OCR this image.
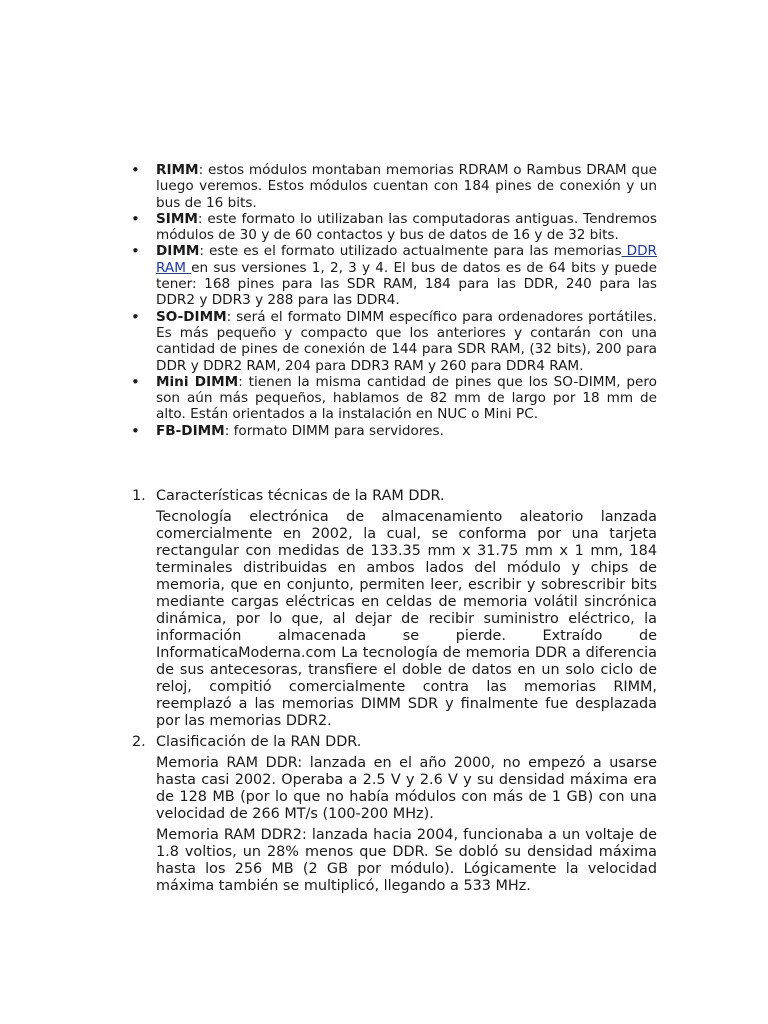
• RIMM: estos módulos montaban memorias RDRAM o Rambus DRAM que luego veremos. Estos módulos cuentan con 184 pines de conexión y un bus de 16 bits.
• SIMM: este formato lo utilizaban las computadoras antiguas. Tendremos módulos de 30 y de 60 contactos y bus de datos de 16 y de 32 bits.
• DIMM: este es el formato utilizado actualmente para las memorias DDR RAM en sus versiones 1, 2, 3 y 4. El bus de datos es de 64 bits y puede tener: 168 pines para las SDR RAM, 184 para las DDR, 240 para las DDR2 y DDR3 y 288 para las DDR4.
• SO-DIMM: será el formato DIMM específico para ordenadores portátiles. Es más pequeño y compacto que los anteriores y contarán con una cantidad de pines de conexión de 144 para SDR RAM, (32 bits), 200 para DDR y DDR2 RAM, 204 para DDR3 RAM y 260 para DDR4 RAM.
• Mini DIMM: tienen la misma cantidad de pines que los SO-DIMM, pero son aún más pequeños, hablamos de 82 mm de largo por 18 mm de alto. Están orientados a la instalación en NUC o Mini PC.
• FB-DIMM: formato DIMM para servidores.
1. Características técnicas de la RAM DDR.

Tecnología electrónica de almacenamiento aleatorio lanzada comercialmente en 2002, la cual, se conforma por una tarjeta rectangular con medidas de 133.35 mm x 31.75 mm x 1 mm, 184 terminales distribuidas en ambos lados del módulo y chips de memoria, que en conjunto, permiten leer, escribir y sobrescribir bits mediante cargas eléctricas en celdas de memoria volátil sincrónica dinámica, por lo que, al dejar de recibir suministro eléctrico, la información almacenada se pierde. Extraído de InformaticaModerna.com La tecnología de memoria DDR a diferencia de sus antecesoras, transfiere el doble de datos en un solo ciclo de reloj, compitió comercialmente contra las memorias RIMM, reemplazó a las memorias DIMM SDR y finalmente fue desplazada por las memorias DDR2.

2. Clasificación de la RAN DDR.

Memoria RAM DDR: lanzada en el año 2000, no empezó a usarse hasta casi 2002. Operaba a 2.5 V y 2.6 V y su densidad máxima era de 128 MB (por lo que no había módulos con más de 1 GB) con una velocidad de 266 MT/s (100-200 MHz).

Memoria RAM DDR2: lanzada hacia 2004, funcionaba a un voltaje de 1.8 voltios, un 28% menos que DDR. Se dobló su densidad máxima hasta los 256 MB (2 GB por módulo). Lógicamente la velocidad máxima también se multiplicó, llegando a 533 MHz.
